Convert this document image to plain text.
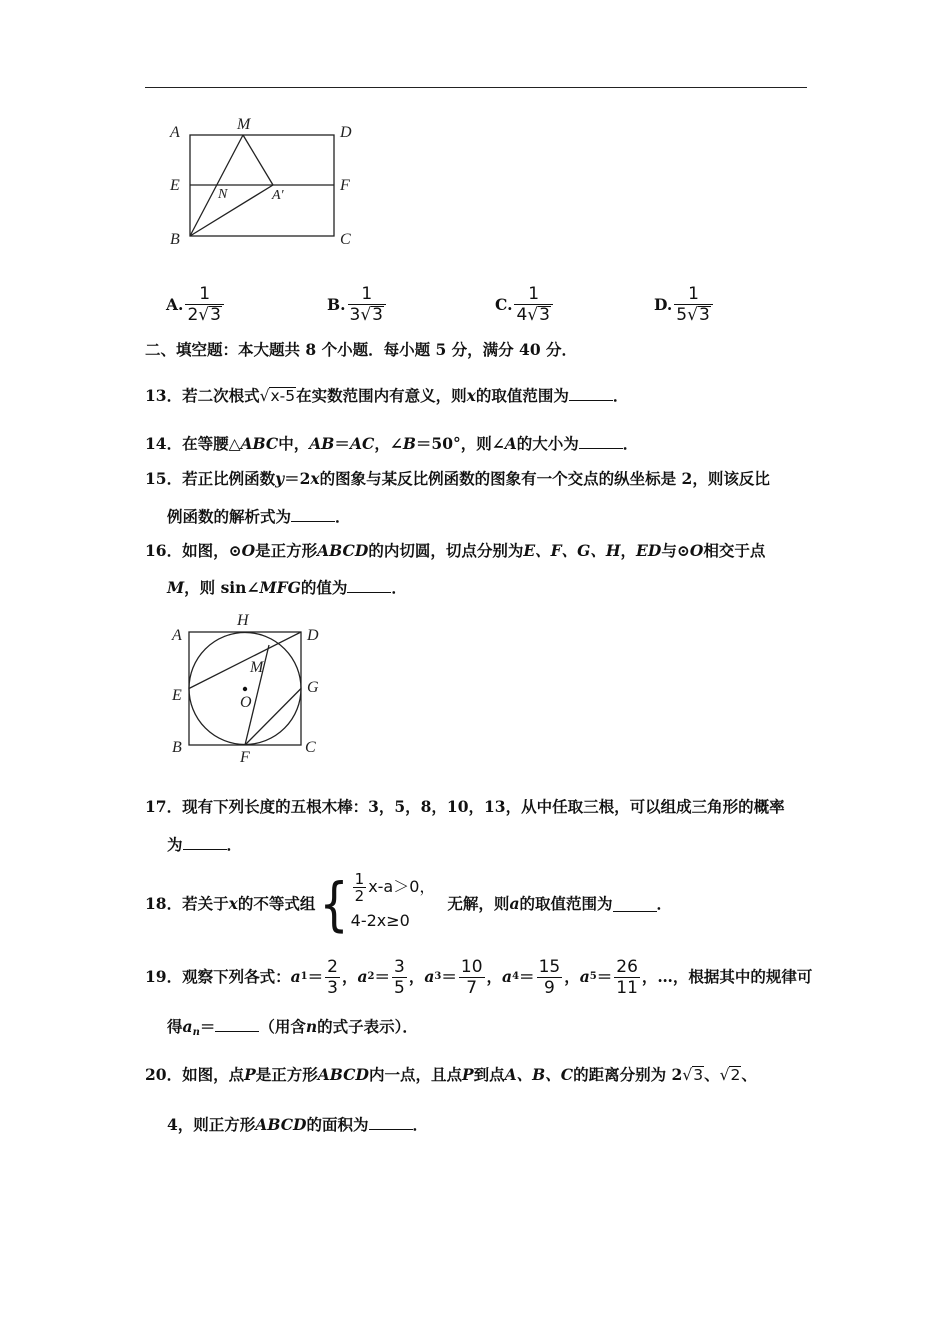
A	M	D
E
N	A′
F
B	C
A. $\frac{1}{2√3}$	B. $\frac{1}{3√3}$	C. $\frac{1}{4√3}$	D. $\frac{1}{5√3}$
二、填空题：本大题共 8 个小题．每小题 5 分，满分 40 分．
13．若二次根式√x-5在实数范围内有意义，则x的取值范围为	．
14．在等腰△ABC中，AB＝AC，∠B＝50°，则∠A的大小为	．
15．若正比例函数y＝2x的图象与某反比例函数的图象有一个交点的纵坐标是 2，则该反比
例函数的解析式为	．
16．如图，⊙O是正方形ABCD的内切圆，切点分别为E、F、G、H，ED与⊙O相交于点
M，则 sin∠MFG的值为	．
A
H
D
M
E	G
O
B
F
C
17．现有下列长度的五根木棒：3，5，8，10，13，从中任取三根，可以组成三角形的概率
为	．
18． 若关于 x 的不等式组 { $\frac{1}{2} x-a>0$，
4-2x≥0
无解，则 a 的取值范围为	．
19． 观察下列各式： a $1 = \frac{2}{3}$ ， a $2 = \frac{3}{5}$ ， a $3 = \frac{10}{7}$ ， a $4 = \frac{15}{9}$ ， a $5 = \frac{26}{11}$ ，…，根据其中的规律可
得$a_n=$	（用含n的式子表示）．
20．如图，点P是正方形ABCD内一点，且点P到点A、B、C的距离分别为 2√3、√2、
4，则正方形ABCD的面积为	．
